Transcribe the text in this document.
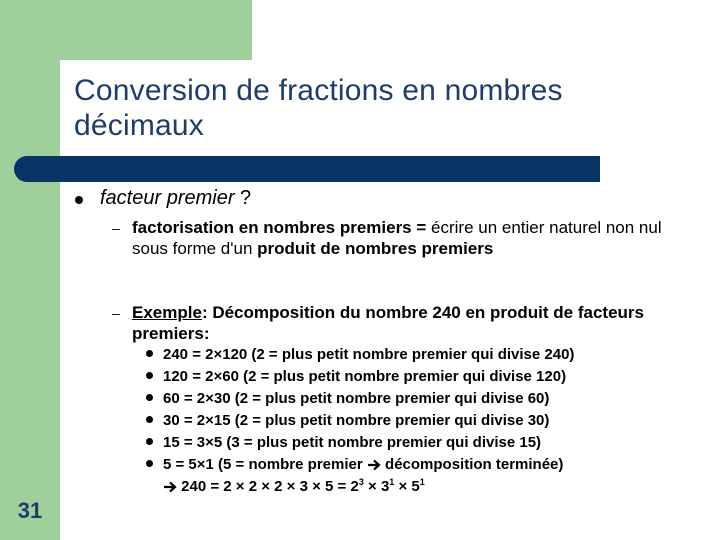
Conversion de fractions en nombres décimaux
facteur premier ?
– factorisation en nombres premiers = écrire un entier naturel non nul sous forme d'un produit de nombres premiers
– Exemple: Décomposition du nombre 240 en produit de facteurs premiers:
240 = 2×120 (2 = plus petit nombre premier qui divise 240)
120 = 2×60 (2 = plus petit nombre premier qui divise 120)
60 = 2×30 (2 = plus petit nombre premier qui divise 60)
30 = 2×15 (2 = plus petit nombre premier qui divise 30)
15 = 3×5 (3 = plus petit nombre premier qui divise 15)
5 = 5×1 (5 = nombre premier  décomposition terminée)
$240 = 2 \times 2 \times 2 \times 3 \times 5 = 2^3 \times 3^1 \times 5^1$
31
